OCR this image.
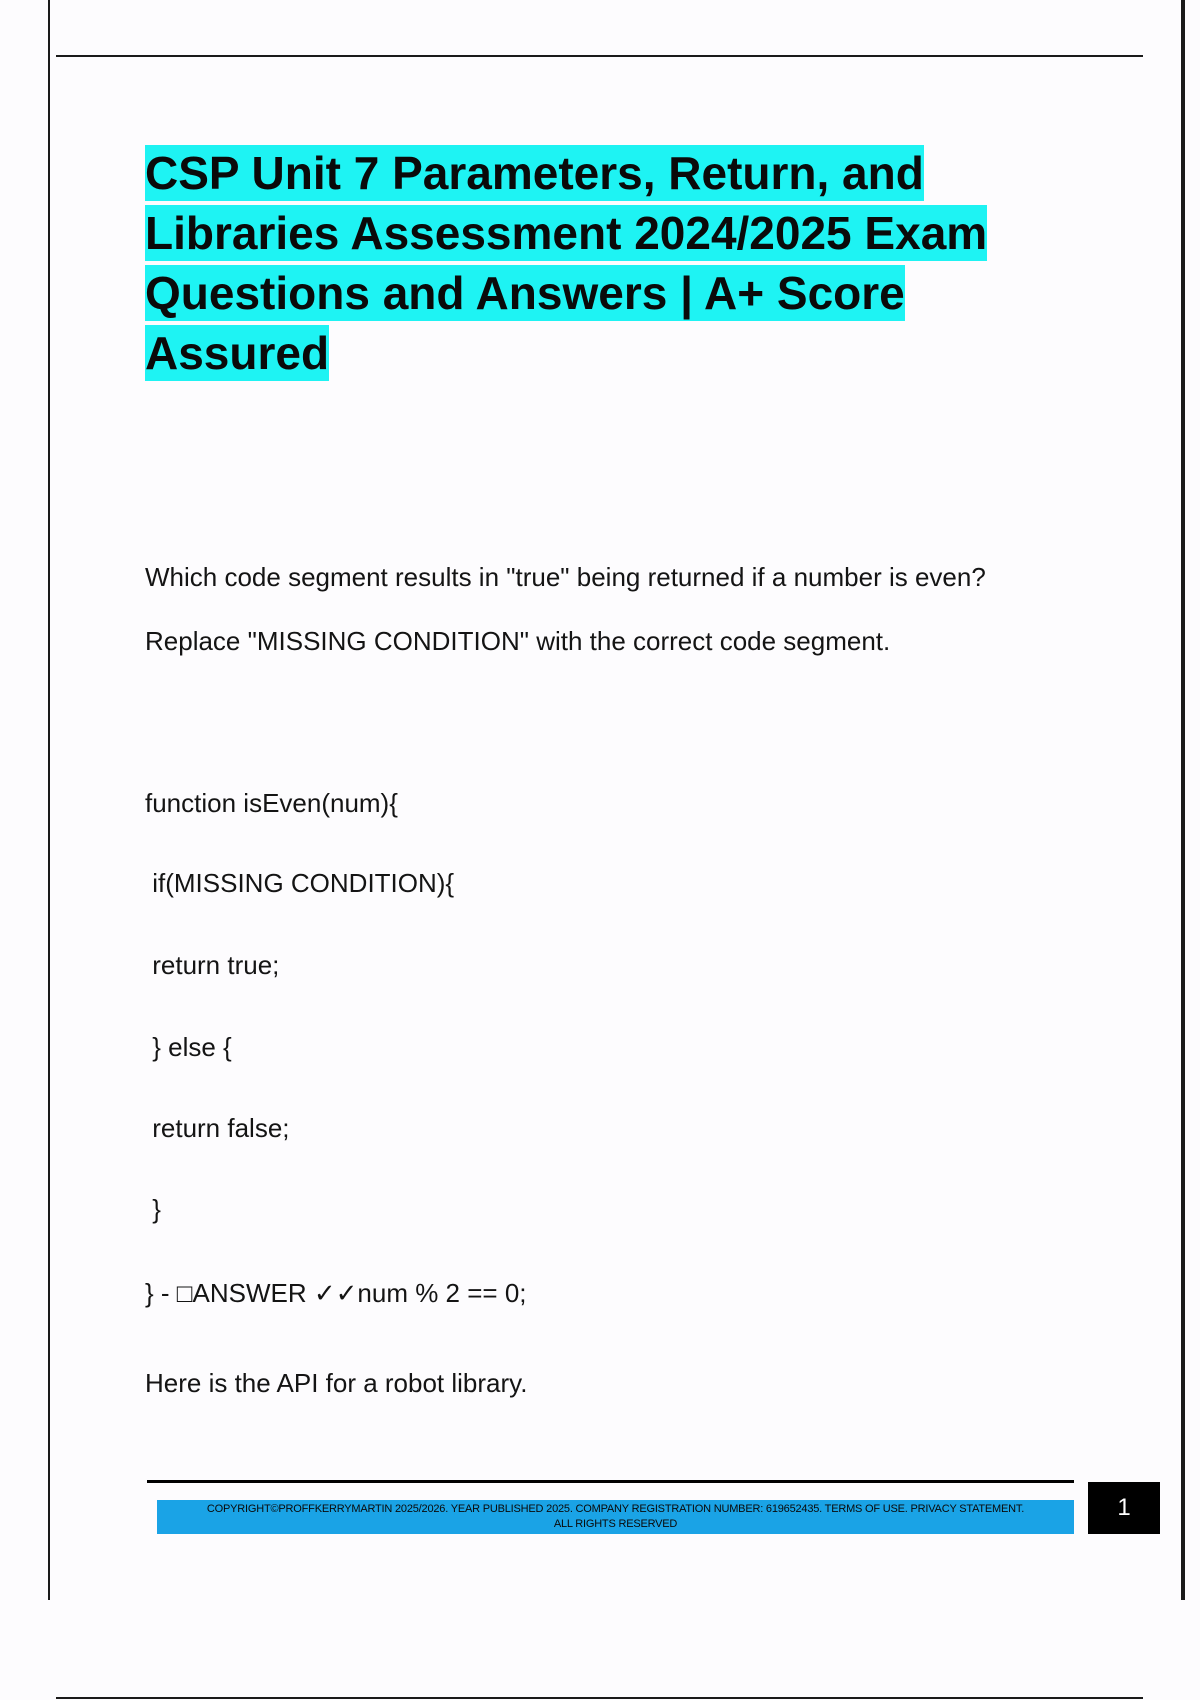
CSP Unit 7 Parameters, Return, and Libraries Assessment 2024/2025 Exam Questions and Answers | A+ Score Assured

Which code segment results in "true" being returned if a number is even?

Replace "MISSING CONDITION" with the correct code segment.

function isEven(num){

if(MISSING CONDITION){

return true;

} else {

return false;

}

} - □ANSWER ✓✓num % 2 == 0;

Here is the API for a robot library.

COPYRIGHT©PROFFKERRYMARTIN 2025/2026. YEAR PUBLISHED 2025. COMPANY REGISTRATION NUMBER: 619652435. TERMS OF USE. PRIVACY STATEMENT.
ALL RIGHTS RESERVED
1
